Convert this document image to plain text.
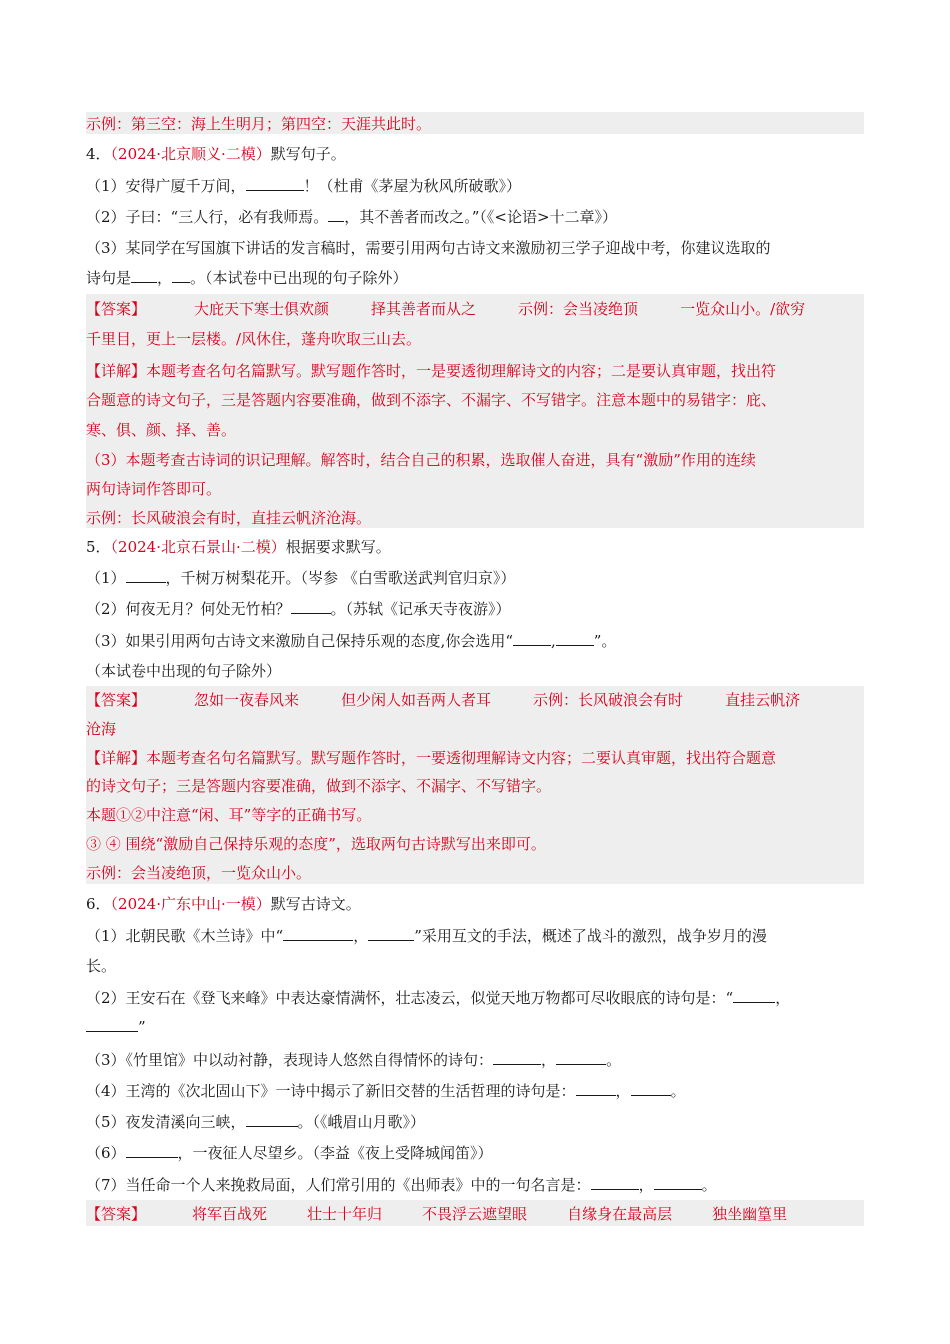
示例：第三空：海上生明月；第四空：天涯共此时。
4．（2024·北京顺义·二模）默写句子。
（1）安得广厦千万间，	！（杜甫《茅屋为秋风所破歌》）
（2）子曰：“三人行，必有我师焉。 ，其不善者而改之。”（《<论语>十二章》）
（3）某同学在写国旗下讲话的发言稿时，需要引用两句古诗文来激励初三学子迎战中考，你建议选取的
诗句是 ， 。（本试卷中已出现的句子除外）
【答案】	大庇天下寒士俱欢颜	择其善者而从之	示例：会当凌绝顶	一览众山小。/欲穷
千里目，更上一层楼。/风休住，蓬舟吹取三山去。
【详解】本题考查名句名篇默写。默写题作答时，一是要透彻理解诗文的内容；二是要认真审题，找出符
合题意的诗文句子，三是答题内容要准确，做到不添字、不漏字、不写错字。注意本题中的易错字：庇、
寒、俱、颜、择、善。
（3）本题考查古诗词的识记理解。解答时，结合自己的积累，选取催人奋进，具有“激励”作用的连续
两句诗词作答即可。
示例：长风破浪会有时，直挂云帆济沧海。
5．（2024·北京石景山·二模）根据要求默写。
（1）	，千树万树梨花开。（岑参 《白雪歌送武判官归京》）
（2）何夜无月？何处无竹柏？	。（苏轼《记承天寺夜游》）
（3）如果引用两句古诗文来激励自己保持乐观的态度,你会选用“	,	”。
（本试卷中出现的句子除外）
【答案】	忽如一夜春风来	但少闲人如吾两人者耳	示例：长风破浪会有时	直挂云帆济
沧海
【详解】本题考查名句名篇默写。默写题作答时，一要透彻理解诗文内容；二要认真审题，找出符合题意
的诗文句子；三是答题内容要准确，做到不添字、不漏字、不写错字。
本题①②中注意“闲、耳”等字的正确书写。
③ ④ 围绕“激励自己保持乐观的态度”，选取两句古诗默写出来即可。
示例：会当凌绝顶，一览众山小。
6．（2024·广东中山·一模）默写古诗文。
（1）北朝民歌《木兰诗》中“	，	”采用互文的手法，概述了战斗的激烈，战争岁月的漫
长。
（2）王安石在《登飞来峰》中表达豪情满怀，壮志凌云，似觉天地万物都可尽收眼底的诗句是：“	，
”
（3）《竹里馆》中以动衬静，表现诗人悠然自得情怀的诗句：	，	。
（4）王湾的《次北固山下》一诗中揭示了新旧交替的生活哲理的诗句是：	，	。
（5）夜发清溪向三峡，	。（《峨眉山月歌》）
（6）	，一夜征人尽望乡。（李益《夜上受降城闻笛》）
（7）当任命一个人来挽救局面，人们常引用的《出师表》中的一句名言是：	，	。
【答案】	将军百战死	壮士十年归	不畏浮云遮望眼	自缘身在最高层	独坐幽篁里
